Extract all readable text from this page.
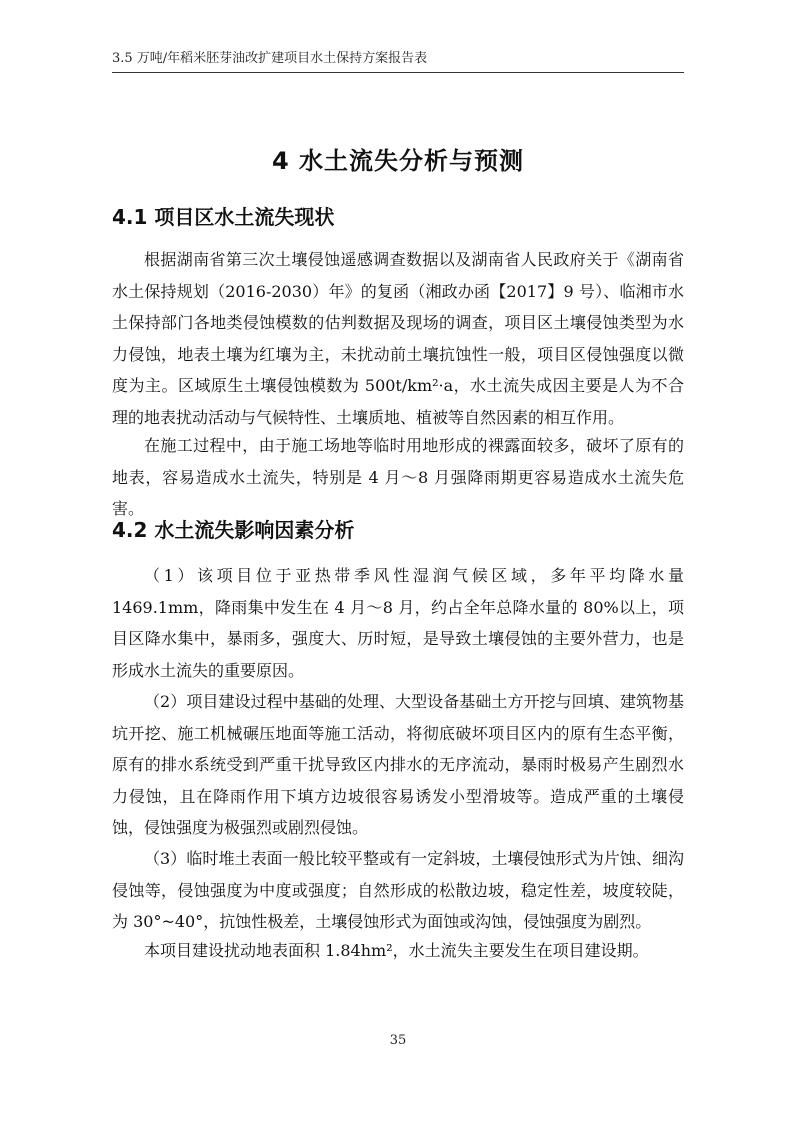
3.5 万吨/年稻米胚芽油改扩建项目水土保持方案报告表
4 水土流失分析与预测
4.1 项目区水土流失现状

根据湖南省第三次土壤侵蚀遥感调查数据以及湖南省人民政府关于《湖南省水土保持规划（2016-2030）年》的复函（湘政办函【2017】9 号）、临湘市水土保持部门各地类侵蚀模数的估判数据及现场的调查，项目区土壤侵蚀类型为水力侵蚀，地表土壤为红壤为主，未扰动前土壤抗蚀性一般，项目区侵蚀强度以微度为主。区域原生土壤侵蚀模数为 500t/km²·a，水土流失成因主要是人为不合理的地表扰动活动与气候特性、土壤质地、植被等自然因素的相互作用。

在施工过程中，由于施工场地等临时用地形成的裸露面较多，破坏了原有的地表，容易造成水土流失，特别是 4 月～8 月强降雨期更容易造成水土流失危害。

4.2 水土流失影响因素分析

（1）该项目位于亚热带季风性湿润气候区域，多年平均降水量 1469.1mm，降雨集中发生在 4 月～8 月，约占全年总降水量的 80%以上，项目区降水集中，暴雨多，强度大、历时短，是导致土壤侵蚀的主要外营力，也是形成水土流失的重要原因。

（2）项目建设过程中基础的处理、大型设备基础土方开挖与回填、建筑物基坑开挖、施工机械碾压地面等施工活动，将彻底破坏项目区内的原有生态平衡，原有的排水系统受到严重干扰导致区内排水的无序流动，暴雨时极易产生剧烈水力侵蚀，且在降雨作用下填方边坡很容易诱发小型滑坡等。造成严重的土壤侵蚀，侵蚀强度为极强烈或剧烈侵蚀。

（3）临时堆土表面一般比较平整或有一定斜坡，土壤侵蚀形式为片蚀、细沟侵蚀等，侵蚀强度为中度或强度；自然形成的松散边坡，稳定性差，坡度较陡，为 30°~40°，抗蚀性极差，土壤侵蚀形式为面蚀或沟蚀，侵蚀强度为剧烈。

本项目建设扰动地表面积 1.84hm²，水土流失主要发生在项目建设期。

35
